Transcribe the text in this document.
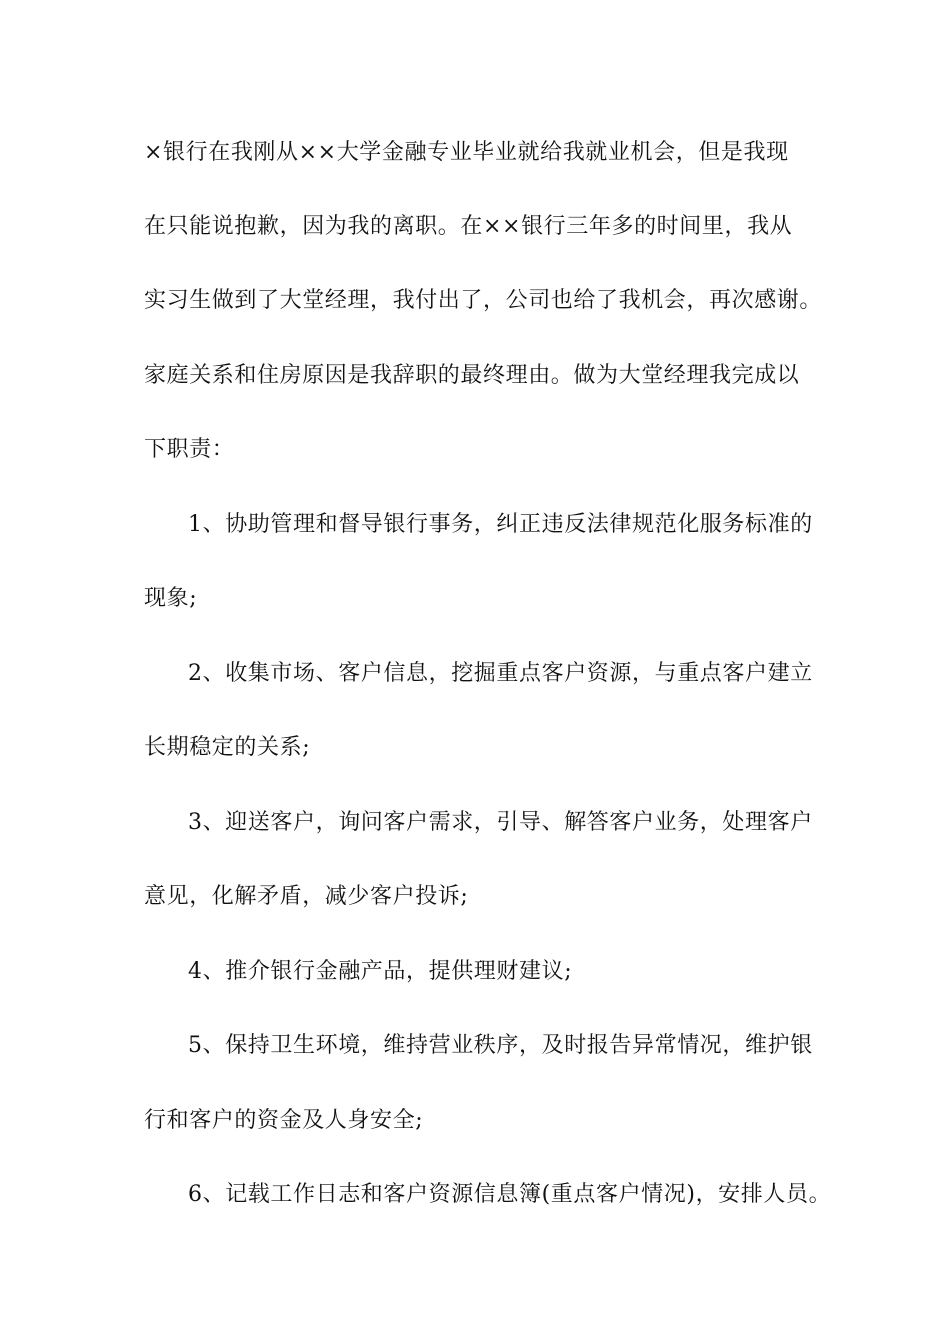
×银行在我刚从××大学金融专业毕业就给我就业机会，但是我现
在只能说抱歉，因为我的离职。在××银行三年多的时间里，我从
实习生做到了大堂经理，我付出了，公司也给了我机会，再次感谢。
家庭关系和住房原因是我辞职的最终理由。做为大堂经理我完成以
下职责：
1、协助管理和督导银行事务，纠正违反法律规范化服务标准的
现象;
2、收集市场、客户信息，挖掘重点客户资源，与重点客户建立
长期稳定的关系;
3、迎送客户，询问客户需求，引导、解答客户业务，处理客户
意见，化解矛盾，减少客户投诉;
4、推介银行金融产品，提供理财建议;
5、保持卫生环境，维持营业秩序，及时报告异常情况，维护银
行和客户的资金及人身安全;
6、记载工作日志和客户资源信息簿(重点客户情况)，安排人员。
